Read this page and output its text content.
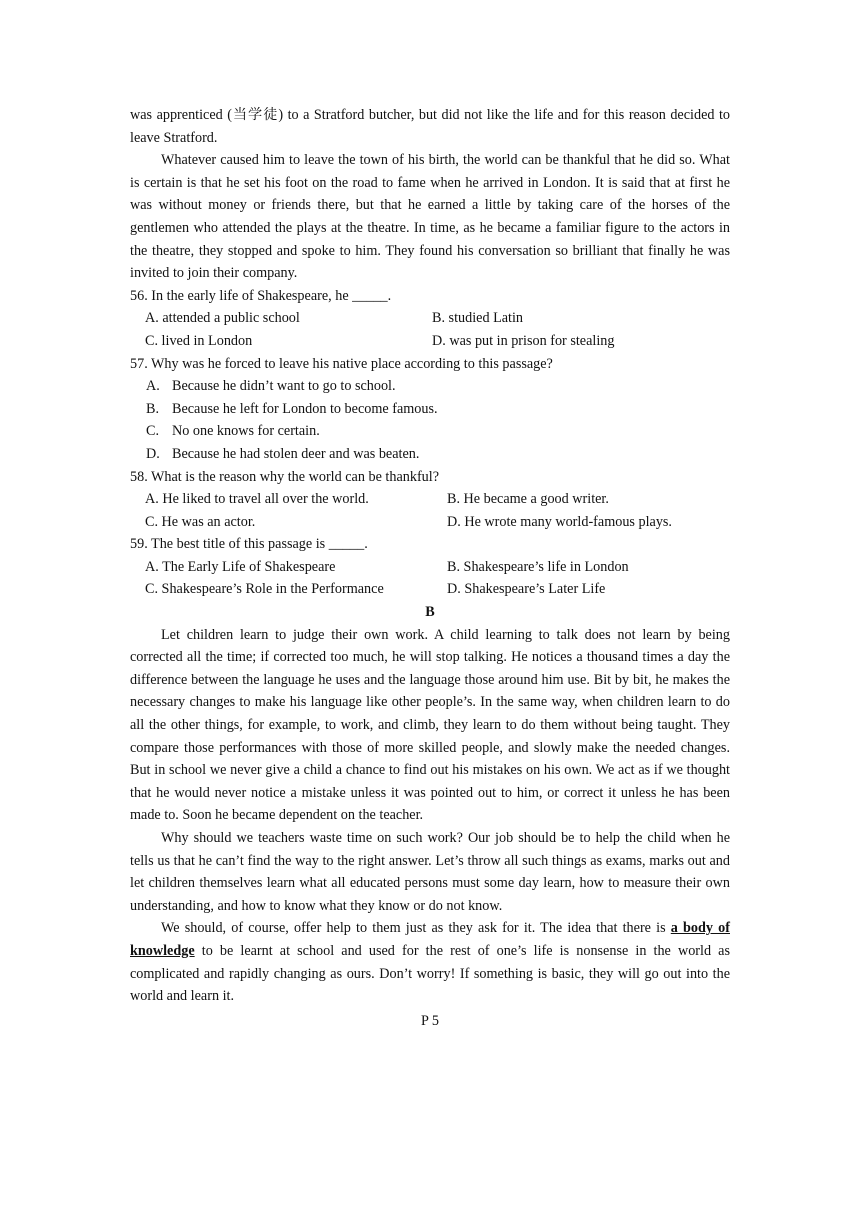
was apprenticed (当学徒) to a Stratford butcher, but did not like the life and for this reason decided to leave Stratford.

Whatever caused him to leave the town of his birth, the world can be thankful that he did so. What is certain is that he set his foot on the road to fame when he arrived in London. It is said that at first he was without money or friends there, but that he earned a little by taking care of the horses of the gentlemen who attended the plays at the theatre. In time, as he became a familiar figure to the actors in the theatre, they stopped and spoke to him. They found his conversation so brilliant that finally he was invited to join their company.

56. In the early life of Shakespeare, he _____.
A. attended a public school	B. studied Latin
C. lived in London	D. was put in prison for stealing
57. Why was he forced to leave his native place according to this passage?
A. Because he didn’t want to go to school.
B. Because he left for London to become famous.
C. No one knows for certain.
D. Because he had stolen deer and was beaten.
58. What is the reason why the world can be thankful?
A. He liked to travel all over the world.	B. He became a good writer.
C. He was an actor.	D. He wrote many world-famous plays.
59. The best title of this passage is _____.
A. The Early Life of Shakespeare	B. Shakespeare’s life in London
C. Shakespeare’s Role in the Performance	D. Shakespeare’s Later Life
B

Let children learn to judge their own work. A child learning to talk does not learn by being corrected all the time; if corrected too much, he will stop talking. He notices a thousand times a day the difference between the language he uses and the language those around him use. Bit by bit, he makes the necessary changes to make his language like other people’s. In the same way, when children learn to do all the other things, for example, to work, and climb, they learn to do them without being taught. They compare those performances with those of more skilled people, and slowly make the needed changes. But in school we never give a child a chance to find out his mistakes on his own. We act as if we thought that he would never notice a mistake unless it was pointed out to him, or correct it unless he has been made to. Soon he became dependent on the teacher.

Why should we teachers waste time on such work? Our job should be to help the child when he tells us that he can’t find the way to the right answer. Let’s throw all such things as exams, marks out and let children themselves learn what all educated persons must some day learn, how to measure their own understanding, and how to know what they know or do not know.

We should, of course, offer help to them just as they ask for it. The idea that there is a body of knowledge to be learnt at school and used for the rest of one’s life is nonsense in the world as complicated and rapidly changing as ours. Don’t worry! If something is basic, they will go out into the world and learn it.

P 5
